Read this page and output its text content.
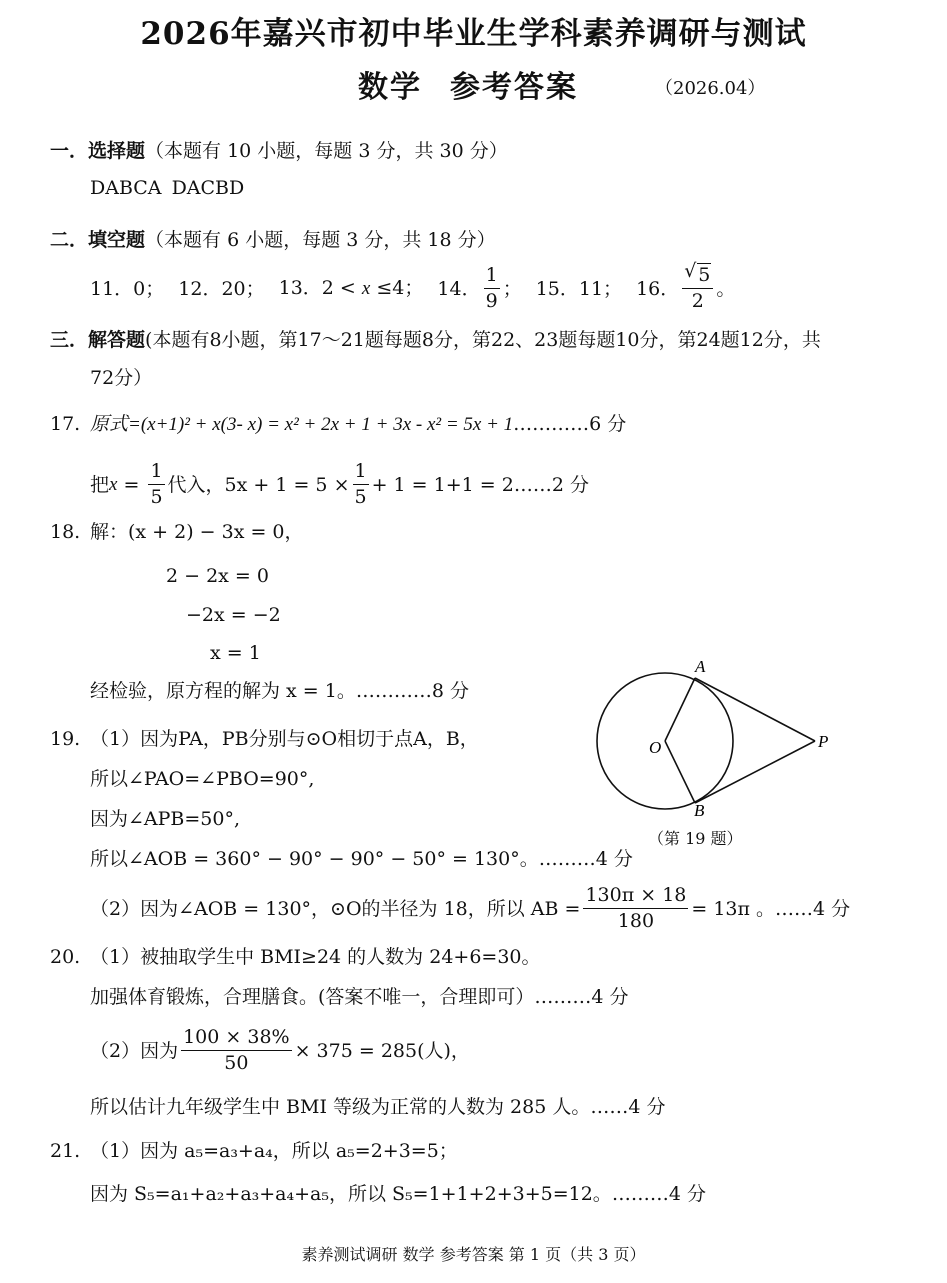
2026年嘉兴市初中毕业生学科素养调研与测试
数学 参考答案	（2026.04）
一．选择题（本题有 10 小题，每题 3 分，共 30 分）
DABCA DACBD
二．填空题（本题有 6 小题，每题 3 分，共 18 分）
11．0； 12．20； 13．2 < x ≤4； 14． $\frac{1}{9}$ ； 15．11； 16． $\frac{√ 5}{2}$ 。
三．解答题(本题有8小题，第17～21题每题8分，第22、23题每题10分，第24题12分，共
72分）
17. 原式=(x+1)² + x(3- x) = x² + 2x + 1 + 3x - x² = 5x + 1…………6 分
把 $x = \frac{1}{5}$ 代入，$5x + 1 = 5 \times \frac{1}{5} + 1 = 1+1 = 2$ ……2 分
18. 解：(x + 2) − 3x = 0，
2 − 2x = 0
−2x = −2
x = 1
经检验，原方程的解为 x = 1。…………8 分
A
B
O	P
（第 19 题）
19. （1）因为PA，PB分别与⊙O相切于点A，B，
所以∠PAO=∠PBO=90°,
因为∠APB=50°,
所以∠AOB = 360° − 90° − 90° − 50° = 130°。………4 分
（2）因为∠AOB = 130°，⊙O的半径为 18，所以 AB = $\frac{130\pi \times 18}{180} = 13\pi$ 。 ……4 分
20. （1）被抽取学生中 BMI≥24 的人数为 24+6=30。
加强体育锻炼，合理膳食。(答案不唯一，合理即可）………4 分
（2）因为 $\frac{100 \times 38\%}{50} \times 375 = 285$(人)，
所以估计九年级学生中 BMI 等级为正常的人数为 285 人。……4 分
21. （1）因为 a₅=a₃+a₄，所以 a₅=2+3=5；
因为 S₅=a₁+a₂+a₃+a₄+a₅，所以 S₅=1+1+2+3+5=12。………4 分
素养测试调研 数学 参考答案 第 1 页（共 3 页）
